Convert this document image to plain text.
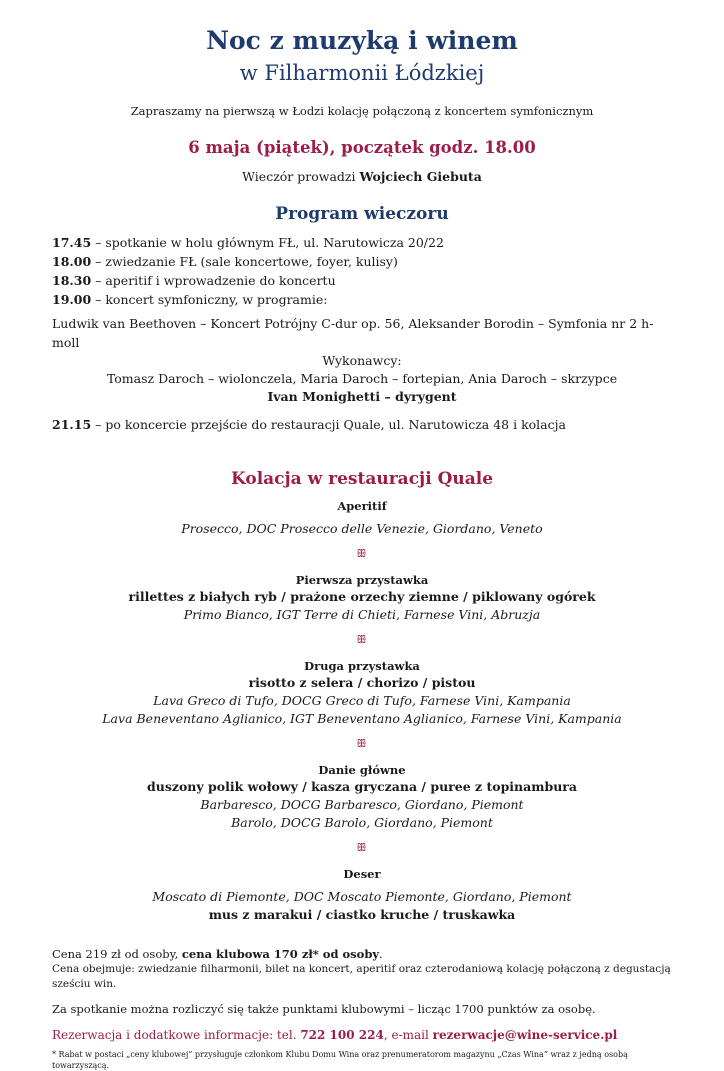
Noc z muzyką i winem
w Filharmonii Łódzkiej
Zapraszamy na pierwszą w Łodzi kolację połączoną z koncertem symfonicznym
6 maja (piątek), początek godz. 18.00
Wieczór prowadzi Wojciech Giebuta
Program wieczoru
17.45 – spotkanie w holu głównym FŁ, ul. Narutowicza 20/22
18.00 – zwiedzanie FŁ (sale koncertowe, foyer, kulisy)
18.30 – aperitif i wprowadzenie do koncertu
19.00 – koncert symfoniczny, w programie:
Ludwik van Beethoven – Koncert Potrójny C-dur op. 56, Aleksander Borodin – Symfonia nr 2 h-moll
Wykonawcy:
Tomasz Daroch – wiolonczela, Maria Daroch – fortepian, Ania Daroch – skrzypce
Ivan Monighetti – dyrygent
21.15 – po koncercie przejście do restauracji Quale, ul. Narutowicza 48 i kolacja
Kolacja w restauracji Quale
Aperitif
Prosecco, DOC Prosecco delle Venezie, Giordano, Veneto
ꕥ
Pierwsza przystawka
rillettes z białych ryb / prażone orzechy ziemne / piklowany ogórek
Primo Bianco, IGT Terre di Chieti, Farnese Vini, Abruzja
ꕥ
Druga przystawka
risotto z selera / chorizo / pistou
Lava Greco di Tufo, DOCG Greco di Tufo, Farnese Vini, Kampania
Lava Beneventano Aglianico, IGT Beneventano Aglianico, Farnese Vini, Kampania
ꕥ
Danie główne
duszony polik wołowy / kasza gryczana / puree z topinambura
Barbaresco, DOCG Barbaresco, Giordano, Piemont
Barolo, DOCG Barolo, Giordano, Piemont
ꕥ
Deser
Moscato di Piemonte, DOC Moscato Piemonte, Giordano, Piemont
mus z marakui / ciastko kruche / truskawka
Cena 219 zł od osoby, cena klubowa 170 zł* od osoby.
Cena obejmuje: zwiedzanie filharmonii, bilet na koncert, aperitif oraz czterodaniową kolację połączoną z degustacją sześciu win.
Za spotkanie można rozliczyć się także punktami klubowymi – licząc 1700 punktów za osobę.
Rezerwacja i dodatkowe informacje: tel. 722 100 224, e-mail rezerwacje@wine-service.pl
* Rabat w postaci „ceny klubowej” przysługuje członkom Klubu Domu Wina oraz prenumeratorom magazynu „Czas Wina” wraz z jedną osobą towarzyszącą.
